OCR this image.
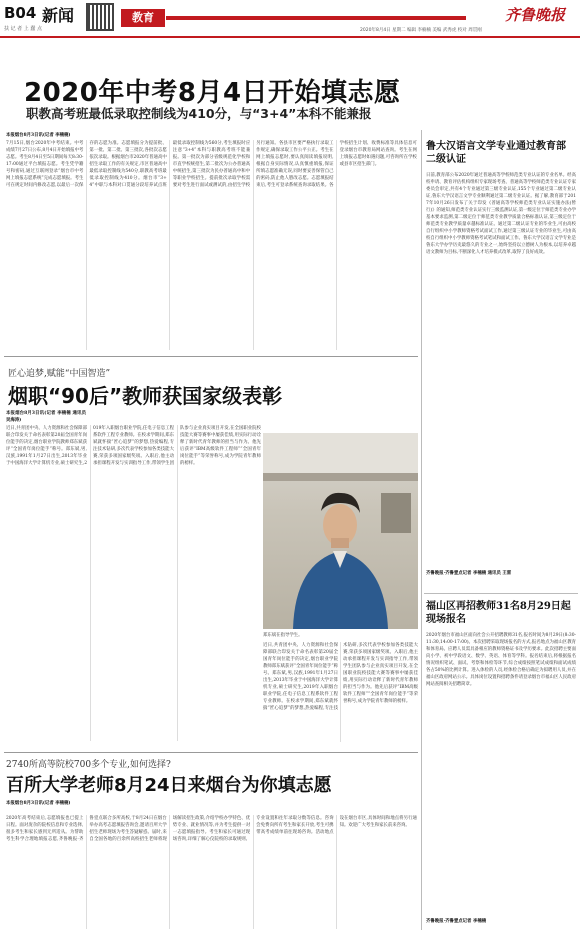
B04 新闻
扶 记 者 上 蠢 点
教育	齐鲁晚报
2020年8月4日 星期二 编辑 李楠楠 美编 武秀虎 校对 周贯刚
2020年中考8月4日开始填志愿
职教高考班最低录取控制线为410分，与“3+4”本科不能兼报
本报烟台8月3日讯(记者 李楠楠)
7月15日,烟台2020年中考结束。中考成绩7月27日公布,8月4日开始填报中考志愿。考生8月4日至5日期间每天8:30-17:00通过平台填报志愿。考生凭学籍号和密码,通过互联网登录“烟台市中考网上填报志愿系统”完成志愿填报。考生可在规定时间内修改志愿,以最后一次保存的志愿为准。志愿填报分为提前批、第一批、第二批、第三批次,各批次志愿依次录取。根据烟台市2020年普通高中招生录取工作的有关规定,市区普通高中最低录取控制线为540分,职教高考班最低录取控制线为410分。烟台市“3+4”中职与本科对口贯通分段培养试点班最低录取控制线为560分,考生填报时应注意“3+4”本科与职教高考班不能兼报。第一批次为部分省级规范化学校和市直学校统招生,第二批次为公办普通高中统招生,第三批次为民办普通高中和中等职业学校招生。提前批次录取学校需要对考生进行面试或测试的,由招生学校另行通知。各县市区要严格执行录取工作规定,确保录取工作公平公正。考生在网上填报志愿时,要认真阅读填报说明,根据自身实际情况,认真慎重填报,保证所填志愿准确无误,同时要妥善保管自己的密码,防止他人篡改志愿。志愿填报结束后,考生可登录系统查询录取结果。各学校招生计划、收费标准等具体信息可登录烟台市教育局网站查询。考生在网上填报志愿时如遇问题,可咨询所在学校或县市区招生部门。
鲁大汉语言文学专业通过教育部二级认证
日前,教育部公布2020年通过普通高等学校师范类专业认证的专业名单。经高校申请、教育评估机构组织专家现场考查、普通高等学校师范类专业认证专家委员会审定,共有4个专业通过第三级专业认证,155个专业通过第二级专业认证,鲁东大学汉语言文学专业顺利通过第二级专业认证。据了解,教育部于2017年10月26日发布了关于印发《普通高等学校师范类专业认证实施办法(暂行)》的通知,师范类专业认证实行三级监测认证,第一级定位于师范类专业办学基本要求监测,第二级定位于师范类专业教学质量合格标准认证,第三级定位于师范类专业教学质量卓越标准认证。通过第二级认证专业的毕业生,可由高校自行组织中小学教师资格考试面试工作,通过第三级认证专业的毕业生,可由高校自行组织中小学教师资格考试笔试和面试工作。鲁东大学汉语言文学专业是鲁东大学办学历史最悠久的专业之一,始终坚持以立德树人为根本,以培养卓越语文教师为目标,不断深化人才培养模式改革,取得了良好成效。
齐鲁晚报·齐鲁壹点记者 李楠楠 通讯员 王雷
福山区再招教师31名8月29日起现场报名
2020年烟台市福山区面向社会公开招聘教师31名,报名时间为8月29日(8:30-11:30,14:00-17:00)。本次招聘采取现场报名的方式,报名地点为福山区教育和体育局。应聘人员需具备相应的教师资格证书及学历要求。此次招聘主要面向小学、初中学段语文、数学、英语、体育等学科。报名结束后,将根据报名情况组织笔试、面试、考察和体检等环节,综合成绩按照笔试成绩和面试成绩各占50%的比例计算。进入体检的人员,经体检合格后确定为拟聘用人员,并在福山区政府网站公示。具体岗位设置和招聘条件请登录烟台市福山区人民政府网站查阅相关招聘简章。
齐鲁晚报·齐鲁壹点记者 李楠楠
匠心追梦,赋能“中国智造”
烟职“90后”教师获国家级表彰
本报烟台8月3日讯(记者 李楠楠 通讯员 吴海涛)
近日,共青团中央、人力资源和社会保障部联合印发关于命名表彰第20届全国青年岗位能手的决定,烟台职业学院教师郑东斌获评“全国青年岗位能手”称号。郑东斌,男,汉族,1991年1月27日出生,2013年毕业于中国海洋大学计算机专业,硕士研究生,2019年入职烟台职业学院,任电子信息工程系软件工程专业教师。在校求学期间,郑东斌就怀揣“匠心追梦”的梦想,热爱编程,专注技术钻研,多次代表学校参加各类技能大赛,荣获多项国家级奖项。入职后,他主动承担课程开发与实训指导工作,带领学生团队参与企业真实项目开发,在全国职业院校技能大赛等赛事中屡获佳绩,用实际行动诠释了新时代青年教师的担当与作为。他先后获评“IBM高级软件工程师”“全国青年岗位能手”等荣誉称号,成为学院青年教师的榜样。
郑东斌在指导学生。
近日,共青团中央、人力资源和社会保障部联合印发关于命名表彰第20届全国青年岗位能手的决定,烟台职业学院教师郑东斌获评“全国青年岗位能手”称号。郑东斌,男,汉族,1991年1月27日出生,2013年毕业于中国海洋大学计算机专业,硕士研究生,2019年入职烟台职业学院,任电子信息工程系软件工程专业教师。在校求学期间,郑东斌就怀揣“匠心追梦”的梦想,热爱编程,专注技术钻研,多次代表学校参加各类技能大赛,荣获多项国家级奖项。入职后,他主动承担课程开发与实训指导工作,带领学生团队参与企业真实项目开发,在全国职业院校技能大赛等赛事中屡获佳绩,用实际行动诠释了新时代青年教师的担当与作为。他先后获评“IBM高级软件工程师”“全国青年岗位能手”等荣誉称号,成为学院青年教师的榜样。
2740所高等院校700多个专业,如何选择?
百所大学老师8月24日来烟台为你填志愿
本报烟台8月3日讯(记者 李楠楠)
2020年高考结束后,志愿填报也已提上日程。面对庞杂的院校信息和专业选择,很多考生和家长感到无所适从。为帮助考生科学合理地填报志愿,齐鲁晚报·齐鲁壹点联合多所高校,于8月24日在烟台举办高考志愿填报咨询会,邀请百所大学招生老师现场为考生答疑解惑。届时,来自全国各地的百余所高校招生老师将现场解读招生政策,介绍学校办学特色、优势专业、就业情况等,并为考生提供一对一志愿填报指导。考生和家长可通过现场咨询,详细了解心仪院校的录取规则、专业设置和往年录取分数等信息。咨询会免费向所有考生和家长开放,考生可携带高考成绩单前往现场咨询。活动地点设在烟台市区,具体时间和地点将另行通知。欢迎广大考生和家长前来咨询。
